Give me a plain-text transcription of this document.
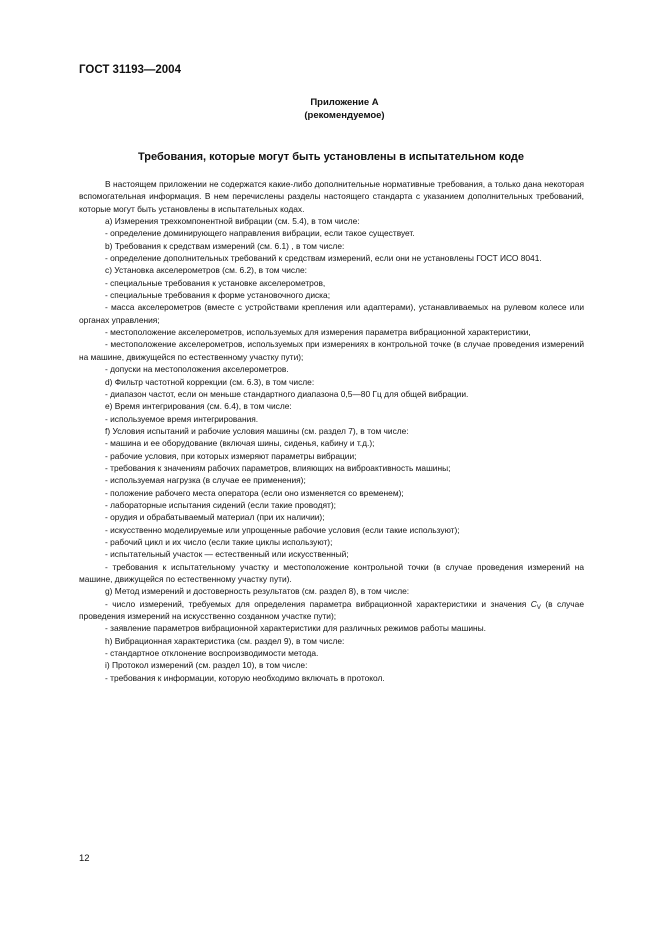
ГОСТ 31193—2004
Приложение А
(рекомендуемое)
Требования, которые могут быть установлены в испытательном коде

В настоящем приложении не содержатся какие-либо дополнительные нормативные требования, а только дана некоторая вспомогательная информация. В нем перечислены разделы настоящего стандарта с указанием дополнительных требований, которые могут быть установлены в испытательных кодах.

а) Измерения трехкомпонентной вибрации (см. 5.4), в том числе:

- определение доминирующего направления вибрации, если такое существует.

b) Требования к средствам измерений (см. 6.1) , в том числе:

- определение дополнительных требований к средствам измерений, если они не установлены ГОСТ ИСО 8041.

с) Установка акселерометров (см. 6.2), в том числе:

- специальные требования к установке акселерометров,

- специальные требования к форме установочного диска;

- масса акселерометров (вместе с устройствами крепления или адаптерами), устанавливаемых на рулевом колесе или органах управления;

- местоположение акселерометров, используемых для измерения параметра вибрационной характеристики,

- местоположение акселерометров, используемых при измерениях в контрольной точке (в случае проведения измерений на машине, движущейся по естественному участку пути);

- допуски на местоположения акселерометров.

d) Фильтр частотной коррекции (см. 6.3), в том числе:

- диапазон частот, если он меньше стандартного диапазона 0,5—80 Гц для общей вибрации.

е) Время интегрирования (см. 6.4), в том числе:

- используемое время интегрирования.

f) Условия испытаний и рабочие условия машины (см. раздел 7), в том числе:

- машина и ее оборудование (включая шины, сиденья, кабину и т.д.);

- рабочие условия, при которых измеряют параметры вибрации;

- требования к значениям рабочих параметров, влияющих на виброактивность машины;

- используемая нагрузка (в случае ее применения);

- положение рабочего места оператора (если оно изменяется со временем);

- лабораторные испытания сидений (если такие проводят);

- орудия и обрабатываемый материал (при их наличии);

- искусственно моделируемые или упрощенные рабочие условия (если такие используют);

- рабочий цикл и их число (если такие циклы используют);

- испытательный участок — естественный или искусственный;

- требования к испытательному участку и местоположение контрольной точки (в случае проведения измерений на машине, движущейся по естественному участку пути).

g) Метод измерений и достоверность результатов (см. раздел 8), в том числе:

- число измерений, требуемых для определения параметра вибрационной характеристики и значения $C_V$ (в случае проведения измерений на искусственно созданном участке пути);

- заявление параметров вибрационной характеристики для различных режимов работы машины.

h) Вибрационная характеристика (см. раздел 9), в том числе:

- стандартное отклонение воспроизводимости метода.

i) Протокол измерений (см. раздел 10), в том числе:

- требования к информации, которую необходимо включать в протокол.

12
